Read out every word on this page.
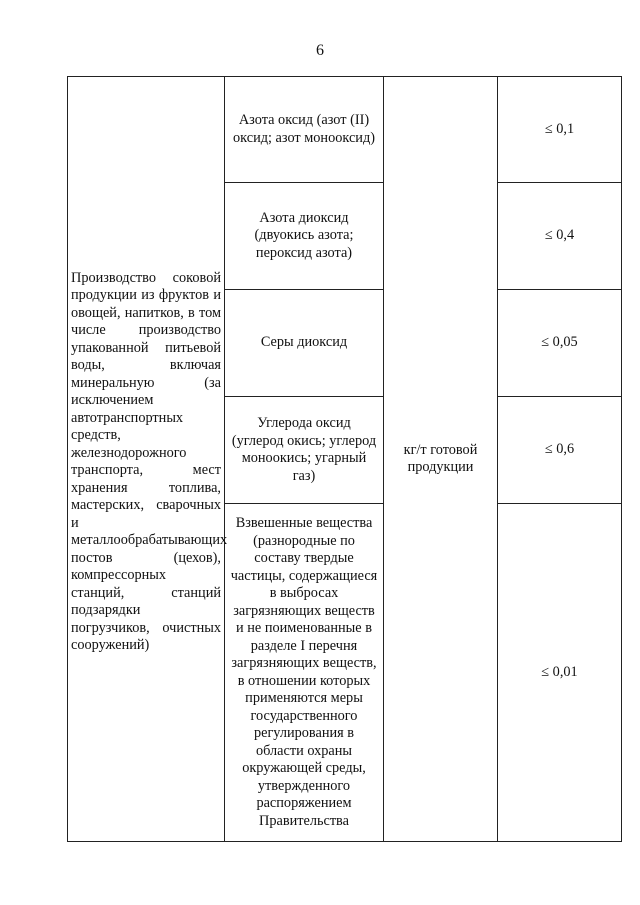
6
Производство соковой продукции из фруктов и овощей, напитков, в том числе производство упакованной питьевой воды, включая минеральную (за исключением автотранспортных средств, железнодорожного транспорта, мест хранения топлива, мастерских, сварочных и металлообрабатывающих постов (цехов), компрессорных станций, станций подзарядки погрузчиков, очистных сооружений)	Азота оксид (азот (II) оксид; азот монооксид)	кг/т готовой продукции	≤ 0,1
	Азота диоксид (двуокись азота; пероксид азота)		≤ 0,4
	Серы диоксид		≤ 0,05
	Углерода оксид (углерод окись; углерод моноокись; угарный газ)		≤ 0,6
	Взвешенные вещества (разнородные по составу твердые частицы, содержащиеся в выбросах загрязняющих веществ и не поименованные в разделе I перечня загрязняющих веществ, в отношении которых применяются меры государственного регулирования в области охраны окружающей среды, утвержденного распоряжением Правительства		≤ 0,01
